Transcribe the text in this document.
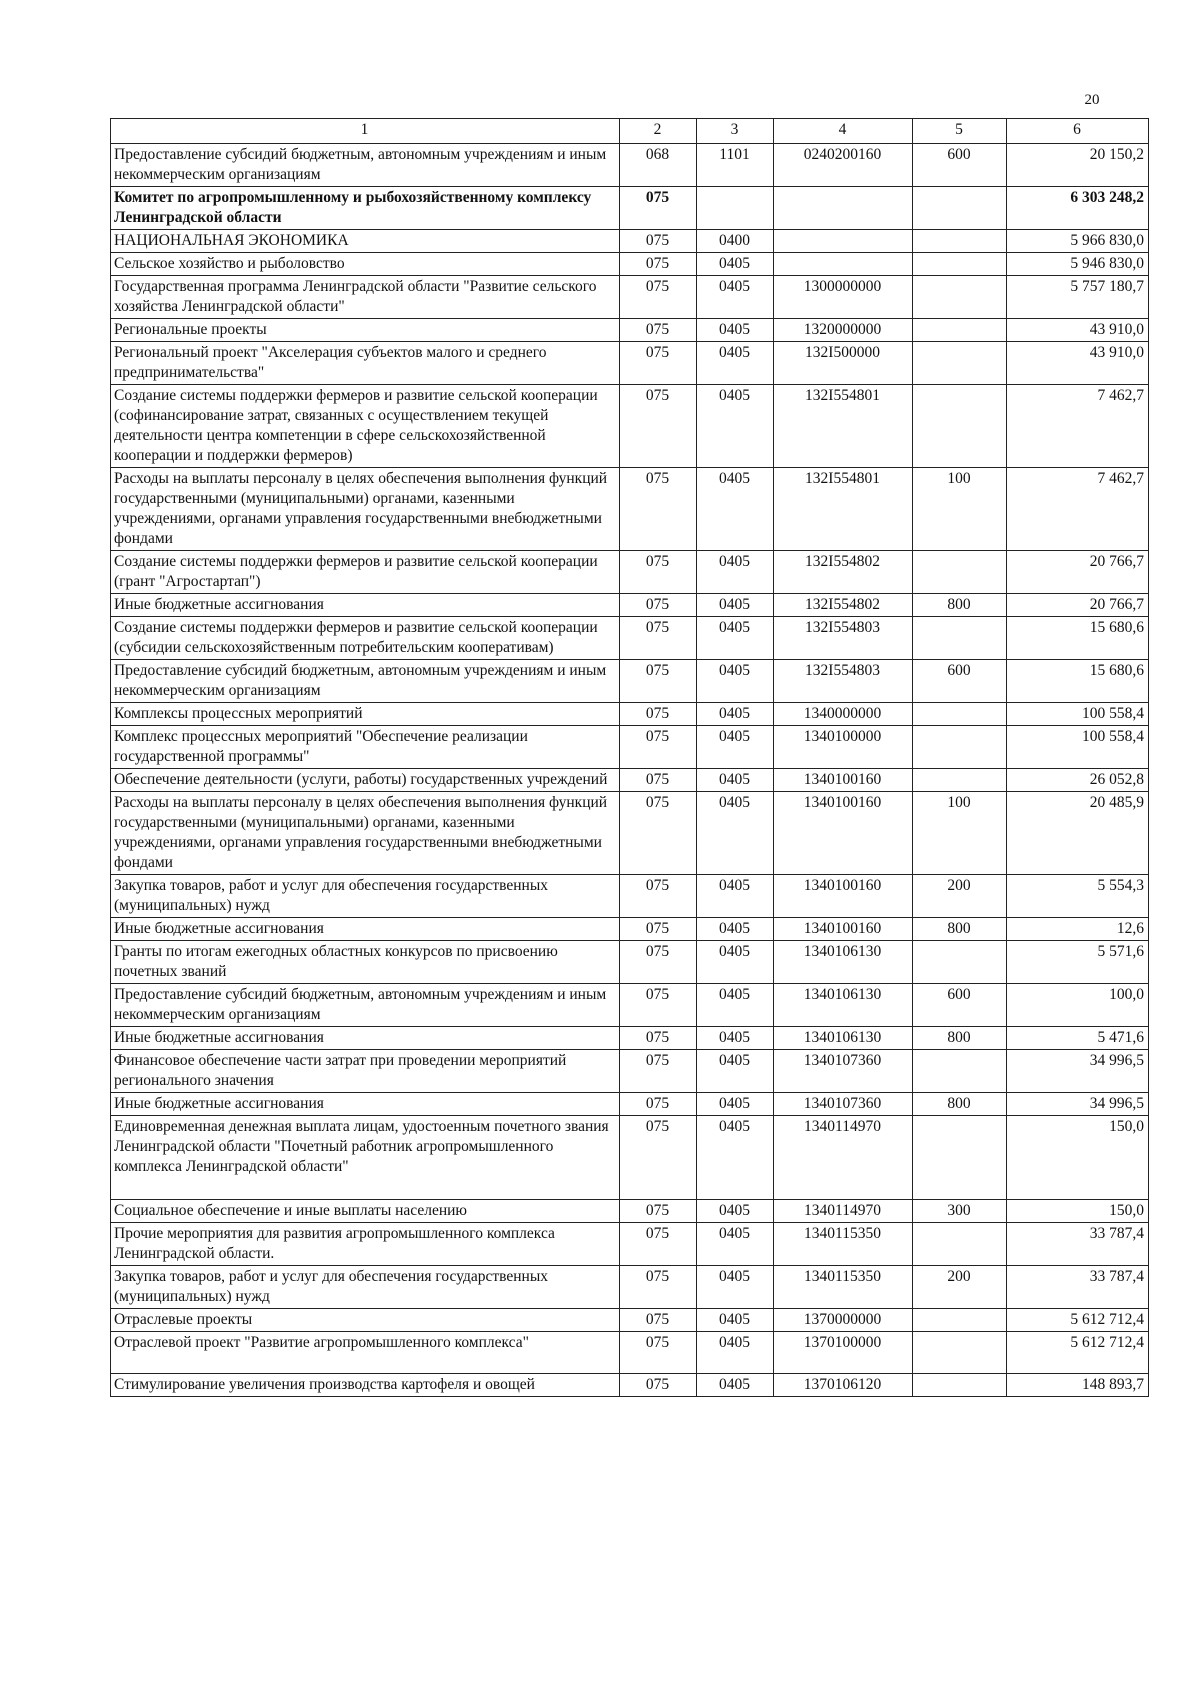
20
1	2	3	4	5	6
Предоставление субсидий бюджетным, автономным учреждениям и иным некоммерческим организациям	068	1101	0240200160	600	20 150,2
Комитет по агропромышленному и рыбохозяйственному комплексу Ленинградской области	075				6 303 248,2
НАЦИОНАЛЬНАЯ ЭКОНОМИКА	075	0400			5 966 830,0
Сельское хозяйство и рыболовство	075	0405			5 946 830,0
Государственная программа Ленинградской области "Развитие сельского хозяйства Ленинградской области"	075	0405	1300000000		5 757 180,7
Региональные проекты	075	0405	1320000000		43 910,0
Региональный проект "Акселерация субъектов малого и среднего предпринимательства"	075	0405	132I500000		43 910,0
Создание системы поддержки фермеров и развитие сельской кооперации (софинансирование затрат, связанных с осуществлением текущей деятельности центра компетенции в сфере сельскохозяйственной кооперации и поддержки фермеров)	075	0405	132I554801		7 462,7
Расходы на выплаты персоналу в целях обеспечения выполнения функций государственными (муниципальными) органами, казенными учреждениями, органами управления государственными внебюджетными фондами	075	0405	132I554801	100	7 462,7
Создание системы поддержки фермеров и развитие сельской кооперации (грант "Агростартап")	075	0405	132I554802		20 766,7
Иные бюджетные ассигнования	075	0405	132I554802	800	20 766,7
Создание системы поддержки фермеров и развитие сельской кооперации (субсидии сельскохозяйственным потребительским кооперативам)	075	0405	132I554803		15 680,6
Предоставление субсидий бюджетным, автономным учреждениям и иным некоммерческим организациям	075	0405	132I554803	600	15 680,6
Комплексы процессных мероприятий	075	0405	1340000000		100 558,4
Комплекс процессных мероприятий "Обеспечение реализации государственной программы"	075	0405	1340100000		100 558,4
Обеспечение деятельности (услуги, работы) государственных учреждений	075	0405	1340100160		26 052,8
Расходы на выплаты персоналу в целях обеспечения выполнения функций государственными (муниципальными) органами, казенными учреждениями, органами управления государственными внебюджетными фондами	075	0405	1340100160	100	20 485,9
Закупка товаров, работ и услуг для обеспечения государственных (муниципальных) нужд	075	0405	1340100160	200	5 554,3
Иные бюджетные ассигнования	075	0405	1340100160	800	12,6
Гранты по итогам ежегодных областных конкурсов по присвоению почетных званий	075	0405	1340106130		5 571,6
Предоставление субсидий бюджетным, автономным учреждениям и иным некоммерческим организациям	075	0405	1340106130	600	100,0
Иные бюджетные ассигнования	075	0405	1340106130	800	5 471,6
Финансовое обеспечение части затрат при проведении мероприятий регионального значения	075	0405	1340107360		34 996,5
Иные бюджетные ассигнования	075	0405	1340107360	800	34 996,5
Единовременная денежная выплата лицам, удостоенным почетного звания Ленинградской области "Почетный работник агропромышленного комплекса Ленинградской области"	075	0405	1340114970		150,0
Социальное обеспечение и иные выплаты населению	075	0405	1340114970	300	150,0
Прочие мероприятия для развития агропромышленного комплекса Ленинградской области.	075	0405	1340115350		33 787,4
Закупка товаров, работ и услуг для обеспечения государственных (муниципальных) нужд	075	0405	1340115350	200	33 787,4
Отраслевые проекты	075	0405	1370000000		5 612 712,4
Отраслевой проект "Развитие агропромышленного комплекса"	075	0405	1370100000		5 612 712,4
Стимулирование увеличения производства картофеля и овощей	075	0405	1370106120		148 893,7
